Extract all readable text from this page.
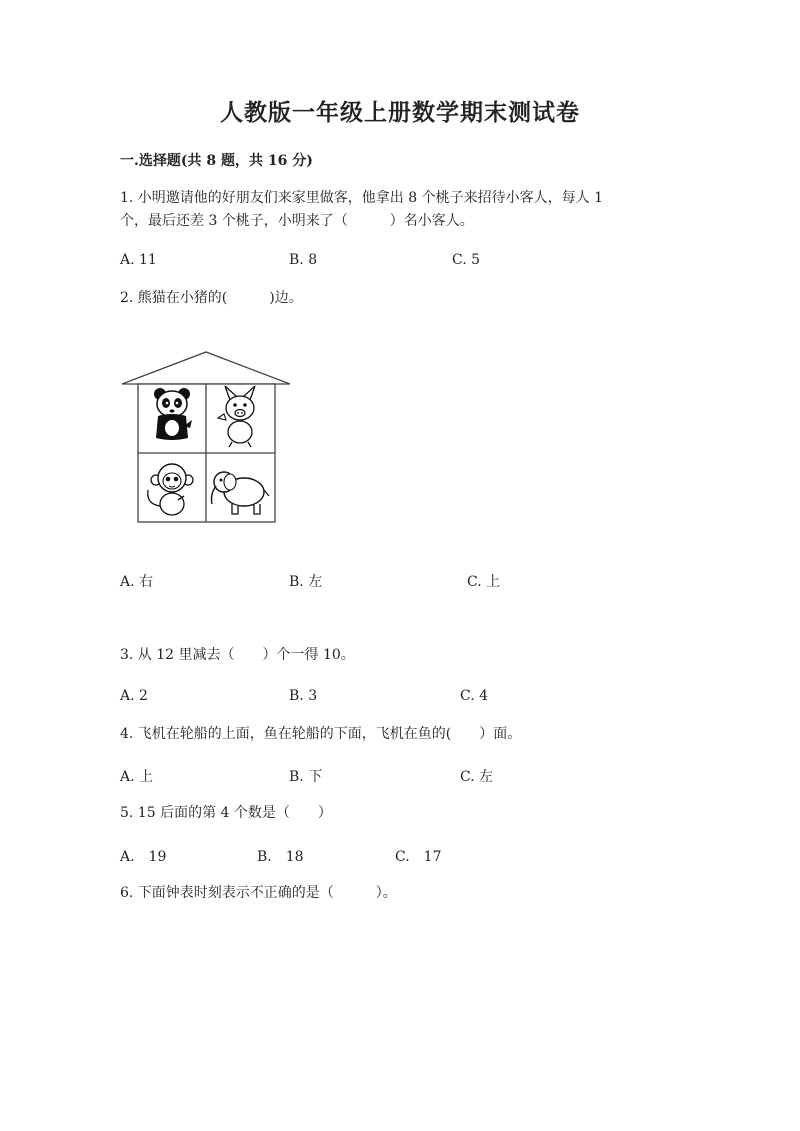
人教版一年级上册数学期末测试卷
一.选择题(共 8 题，共 16 分)
1. 小明邀请他的好朋友们来家里做客，他拿出 8 个桃子来招待小客人，每人 1
个，最后还差 3 个桃子，小明来了（　　　）名小客人。
A. 11	B. 8	C. 5
2. 熊猫在小猪的(　　　)边。
A. 右	B. 左	C. 上
3. 从 12 里减去（　　）个一得 10。
A. 2	B. 3	C. 4
4. 飞机在轮船的上面，鱼在轮船的下面，飞机在鱼的(　　）面。
A. 上	B. 下	C. 左
5. 15 后面的第 4 个数是（　　）
A.　19	B.　18	C.　17
6. 下面钟表时刻表示不正确的是（　　　）。
